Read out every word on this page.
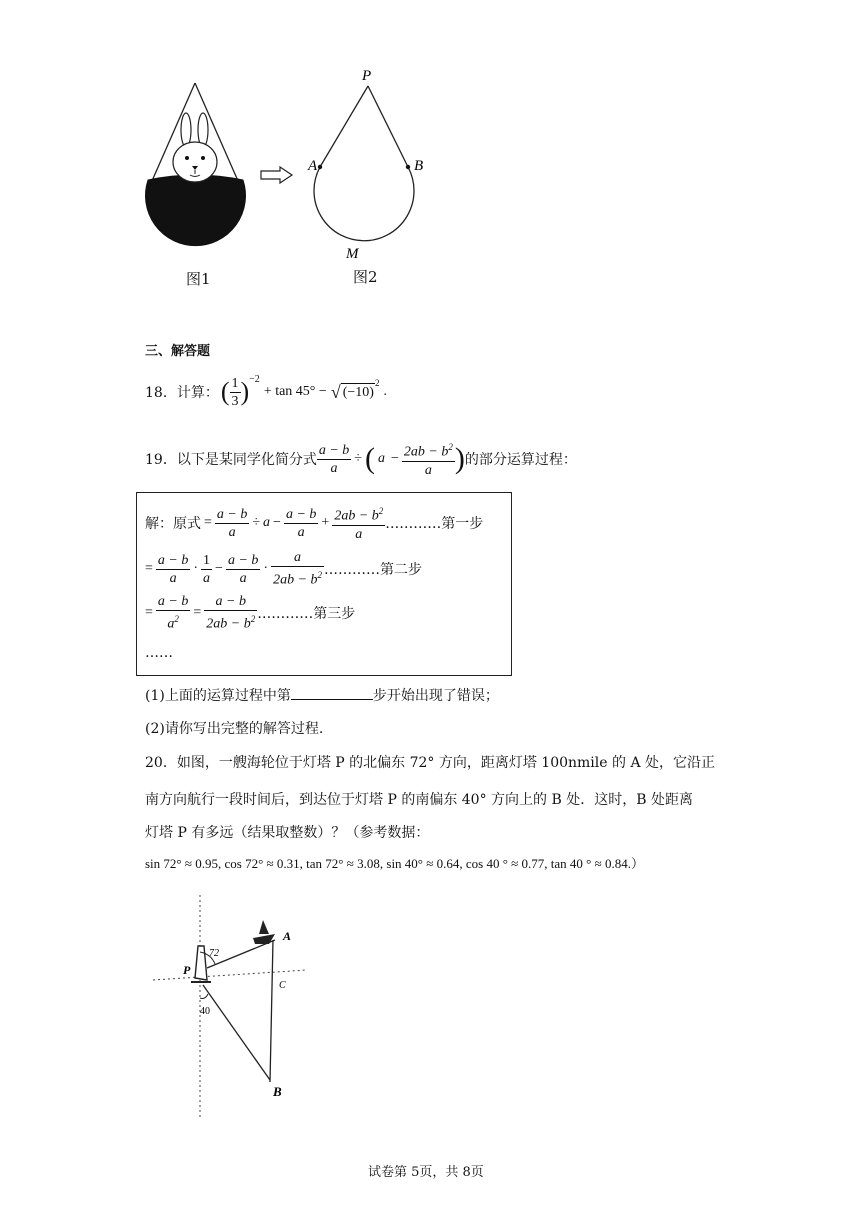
图1
P
A	B
M
图2
三、解答题
18．计算： ( $\frac{1}{3}$ ) −2
+ tan 45° − √ (−10)
2
.
19．以下是某同学化简分式 $\frac{a - b}{a}$ ÷ ( $a - \frac{2ab - b^2}{a}$ ) 的部分运算过程：
解：原式 = $\frac{a - b}{a} \div a - \frac{a - b}{a} + \frac{2ab - b^2}{a}$ …………第一步
= $\frac{a - b}{a} \cdot \frac{1}{a} - \frac{a - b}{a} \cdot \frac{a}{2ab - b^2}$ …………第二步
= $\frac{a - b}{a^2} = \frac{a - b}{2ab - b^2}$ …………第三步
……
(1)上面的运算过程中第	步开始出现了错误；
(2)请你写出完整的解答过程.
20．如图，一艘海轮位于灯塔 P 的北偏东 72° 方向，距离灯塔 100nmile 的 A 处，它沿正
南方向航行一段时间后，到达位于灯塔 P 的南偏东 40° 方向上的 B 处．这时，B 处距离
灯塔 P 有多远（结果取整数）？（参考数据：
sin 72° ≈ 0.95, cos 72° ≈ 0.31, tan 72° ≈ 3.08, sin 40° ≈ 0.64, cos 40 ° ≈ 0.77, tan 40 ° ≈ 0.84.）
72
40
P
A
C
B
试卷第 5页，共 8页
